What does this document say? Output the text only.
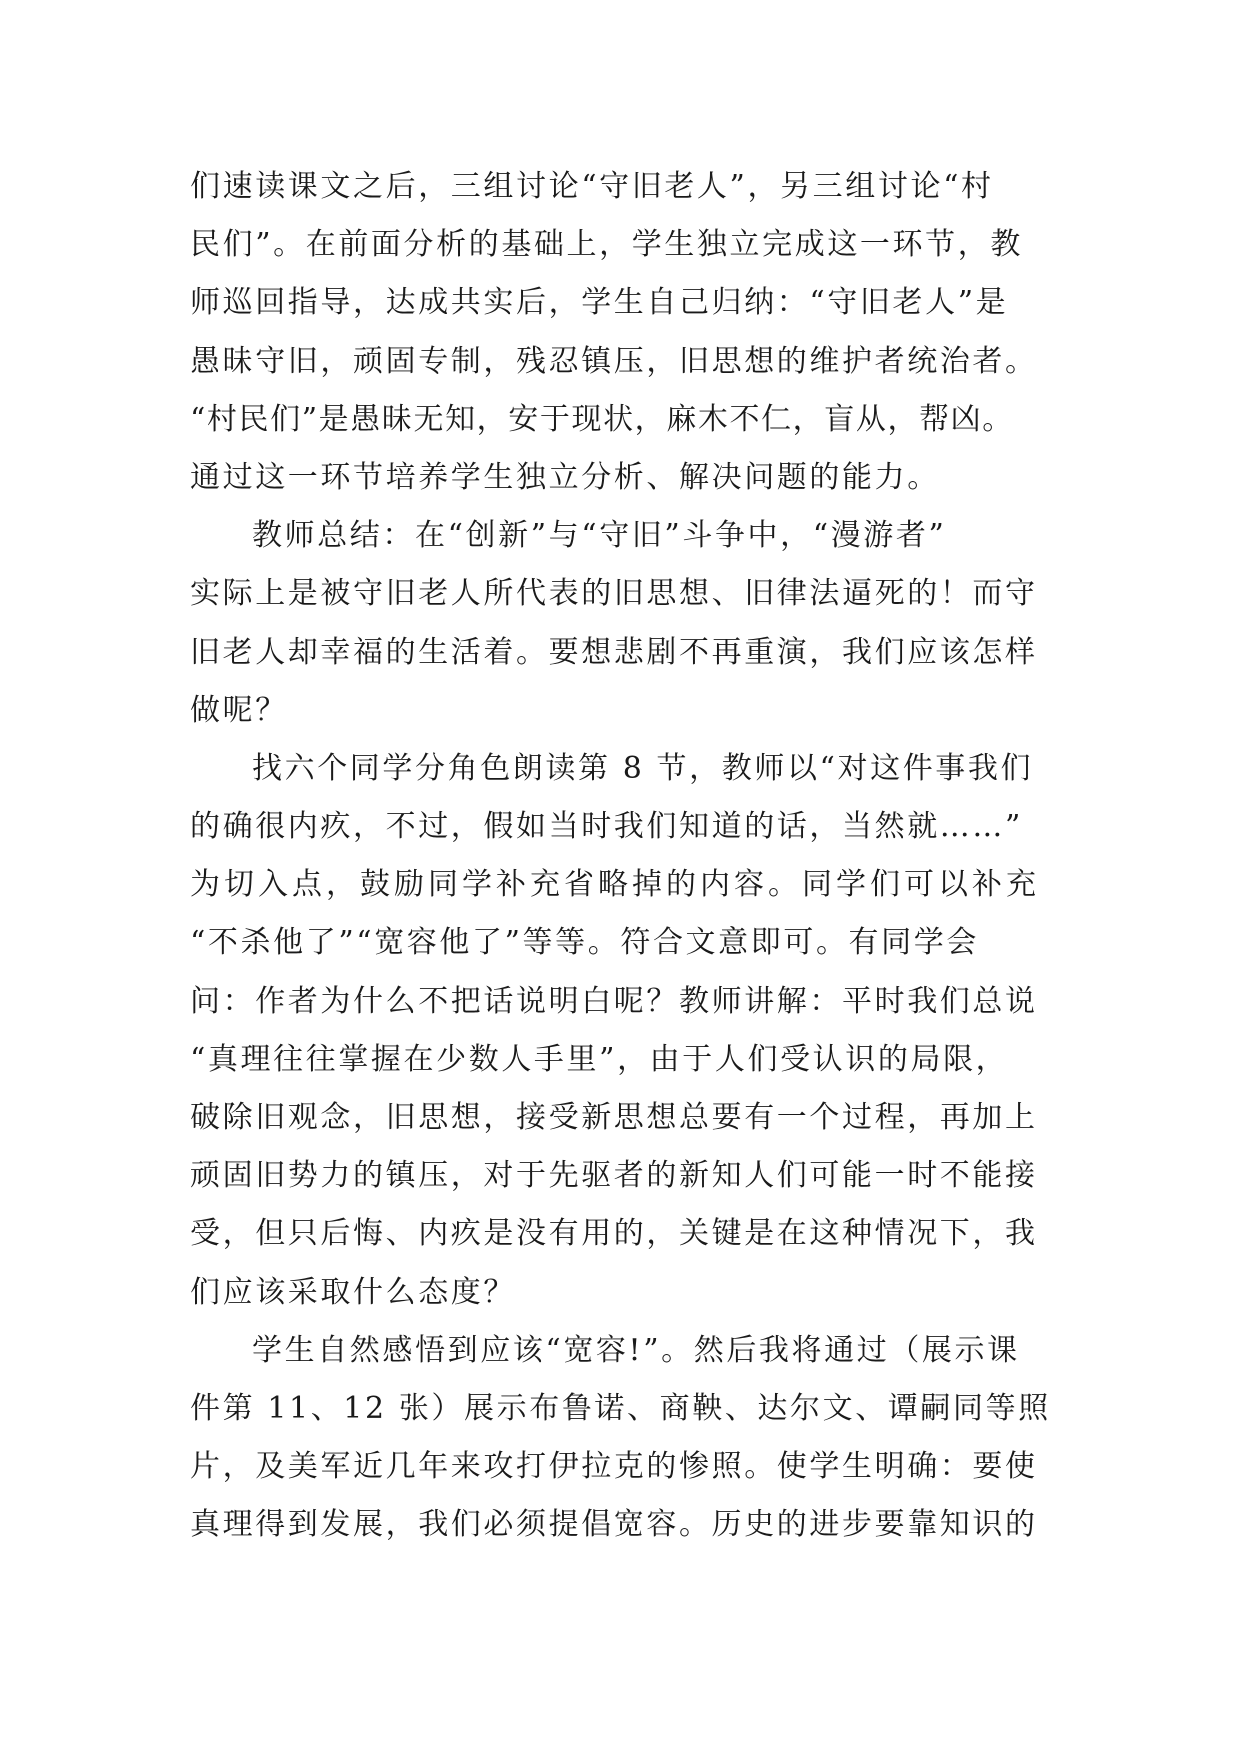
们速读课文之后，三组讨论“守旧老人”，另三组讨论“村
民们”。在前面分析的基础上，学生独立完成这一环节，教
师巡回指导，达成共实后，学生自己归纳：“守旧老人”是
愚昧守旧，顽固专制，残忍镇压，旧思想的维护者统治者。
“村民们”是愚昧无知，安于现状，麻木不仁，盲从，帮凶。
通过这一环节培养学生独立分析、解决问题的能力。
教师总结：在“创新”与“守旧”斗争中，“漫游者”
实际上是被守旧老人所代表的旧思想、旧律法逼死的！而守
旧老人却幸福的生活着。要想悲剧不再重演，我们应该怎样
做呢？
找六个同学分角色朗读第 8 节，教师以“对这件事我们
的确很内疚，不过，假如当时我们知道的话，当然就……”
为切入点，鼓励同学补充省略掉的内容。同学们可以补充
“不杀他了”“宽容他了”等等。符合文意即可。有同学会
问：作者为什么不把话说明白呢？教师讲解：平时我们总说
“真理往往掌握在少数人手里”，由于人们受认识的局限，
破除旧观念，旧思想，接受新思想总要有一个过程，再加上
顽固旧势力的镇压，对于先驱者的新知人们可能一时不能接
受，但只后悔、内疚是没有用的，关键是在这种情况下，我
们应该采取什么态度？
学生自然感悟到应该“宽容!”。然后我将通过（展示课
件第 11、12 张）展示布鲁诺、商鞅、达尔文、谭嗣同等照
片，及美军近几年来攻打伊拉克的惨照。使学生明确：要使
真理得到发展，我们必须提倡宽容。历史的进步要靠知识的
